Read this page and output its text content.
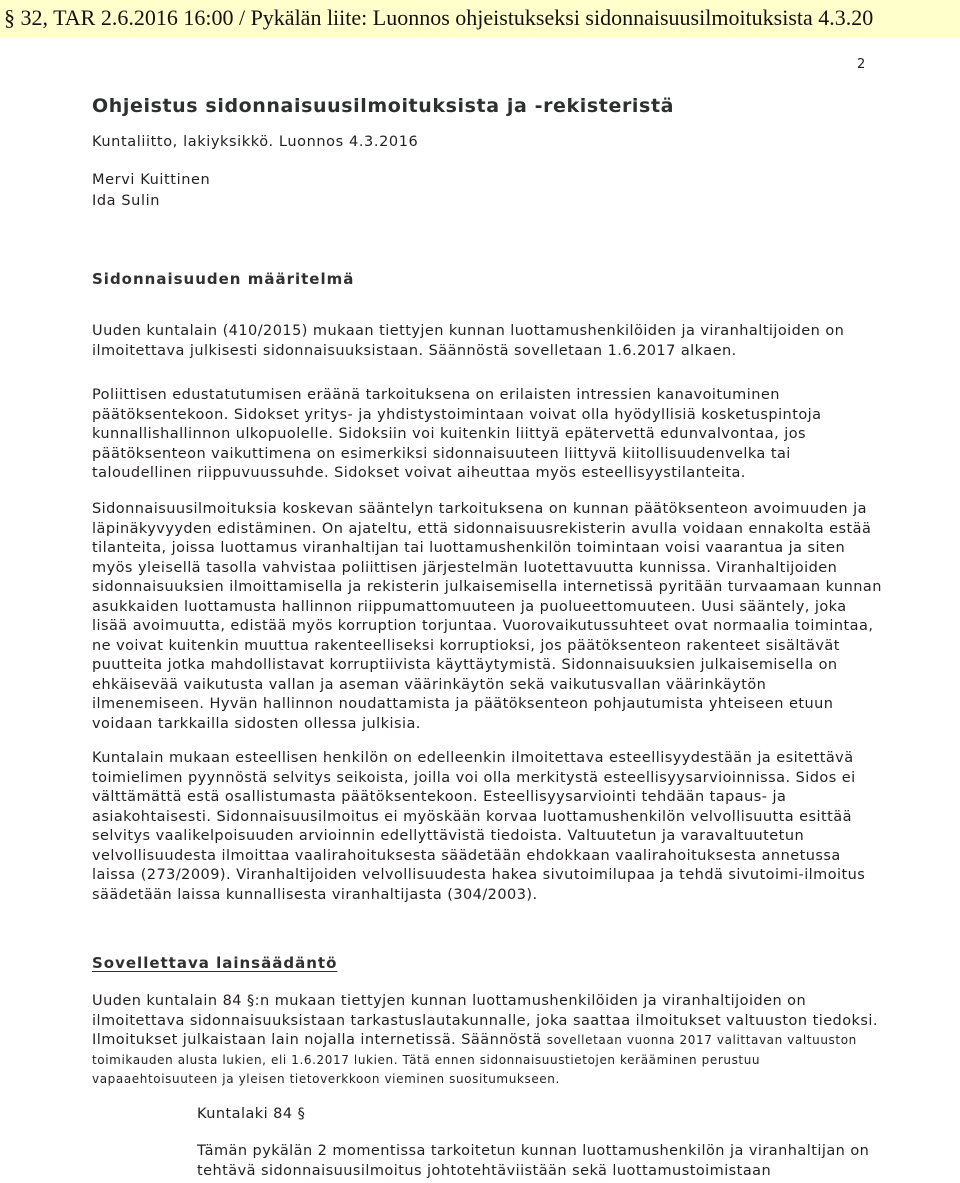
§ 32, TAR 2.6.2016 16:00 / Pykälän liite: Luonnos ohjeistukseksi sidonnaisuusilmoituksista 4.3.20
2
Ohjeistus sidonnaisuusilmoituksista ja -rekisteristä
Kuntaliitto, lakiyksikkö. Luonnos 4.3.2016
Mervi Kuittinen
Ida Sulin
Sidonnaisuuden määritelmä
Uuden kuntalain (410/2015) mukaan tiettyjen kunnan luottamushenkilöiden ja viranhaltijoiden on ilmoitettava julkisesti sidonnaisuuksistaan. Säännöstä sovelletaan 1.6.2017 alkaen.
Poliittisen edustatutumisen eräänä tarkoituksena on erilaisten intressien kanavoituminen päätöksentekoon. Sidokset yritys- ja yhdistystoimintaan voivat olla hyödyllisiä kosketuspintoja kunnallishallinnon ulkopuolelle. Sidoksiin voi kuitenkin liittyä epätervettä edunvalvontaa, jos päätöksenteon vaikuttimena on esimerkiksi sidonnaisuuteen liittyvä kiitollisuudenvelka tai taloudellinen riippuvuussuhde. Sidokset voivat aiheuttaa myös esteellisyystilanteita.
Sidonnaisuusilmoituksia koskevan sääntelyn tarkoituksena on kunnan päätöksenteon avoimuuden ja läpinäkyvyyden edistäminen. On ajateltu, että sidonnaisuusrekisterin avulla voidaan ennakolta estää tilanteita, joissa luottamus viranhaltijan tai luottamushenkilön toimintaan voisi vaarantua ja siten myös yleisellä tasolla vahvistaa poliittisen järjestelmän luotettavuutta kunnissa. Viranhaltijoiden sidonnaisuuksien ilmoittamisella ja rekisterin julkaisemisella internetissä pyritään turvaamaan kunnan asukkaiden luottamusta hallinnon riippumattomuuteen ja puolueettomuuteen. Uusi sääntely, joka lisää avoimuutta, edistää myös korruption torjuntaa. Vuorovaikutussuhteet ovat normaalia toimintaa, ne voivat kuitenkin muuttua rakenteelliseksi korruptioksi, jos päätöksenteon rakenteet sisältävät puutteita jotka mahdollistavat korruptiivista käyttäytymistä. Sidonnaisuuksien julkaisemisella on ehkäisevää vaikutusta vallan ja aseman väärinkäytön sekä vaikutusvallan väärinkäytön ilmenemiseen. Hyvän hallinnon noudattamista ja päätöksenteon pohjautumista yhteiseen etuun voidaan tarkkailla sidosten ollessa julkisia.
Kuntalain mukaan esteellisen henkilön on edelleenkin ilmoitettava esteellisyydestään ja esitettävä toimielimen pyynnöstä selvitys seikoista, joilla voi olla merkitystä esteellisyysarvioinnissa. Sidos ei välttämättä estä osallistumasta päätöksentekoon. Esteellisyysarviointi tehdään tapaus- ja asiakohtaisesti. Sidonnaisuusilmoitus ei myöskään korvaa luottamushenkilön velvollisuutta esittää selvitys vaalikelpoisuuden arvioinnin edellyttävistä tiedoista. Valtuutetun ja varavaltuutetun velvollisuudesta ilmoittaa vaalirahoituksesta säädetään ehdokkaan vaalirahoituksesta annetussa laissa (273/2009). Viranhaltijoiden velvollisuudesta hakea sivutoimilupaa ja tehdä sivutoimi-ilmoitus säädetään laissa kunnallisesta viranhaltijasta (304/2003).
Sovellettava lainsäädäntö
Uuden kuntalain 84 §:n mukaan tiettyjen kunnan luottamushenkilöiden ja viranhaltijoiden on ilmoitettava sidonnaisuuksistaan tarkastuslautakunnalle, joka saattaa ilmoitukset valtuuston tiedoksi. Ilmoitukset julkaistaan lain nojalla internetissä. Säännöstä sovelletaan vuonna 2017 valittavan valtuuston toimikauden alusta lukien, eli 1.6.2017 lukien. Tätä ennen sidonnaisuustietojen kerääminen perustuu vapaaehtoisuuteen ja yleisen tietoverkkoon vieminen suositumukseen.
Kuntalaki 84 §
Tämän pykälän 2 momentissa tarkoitetun kunnan luottamushenkilön ja viranhaltijan on tehtävä sidonnaisuusilmoitus johtotehtäviistään sekä luottamustoimistaan
